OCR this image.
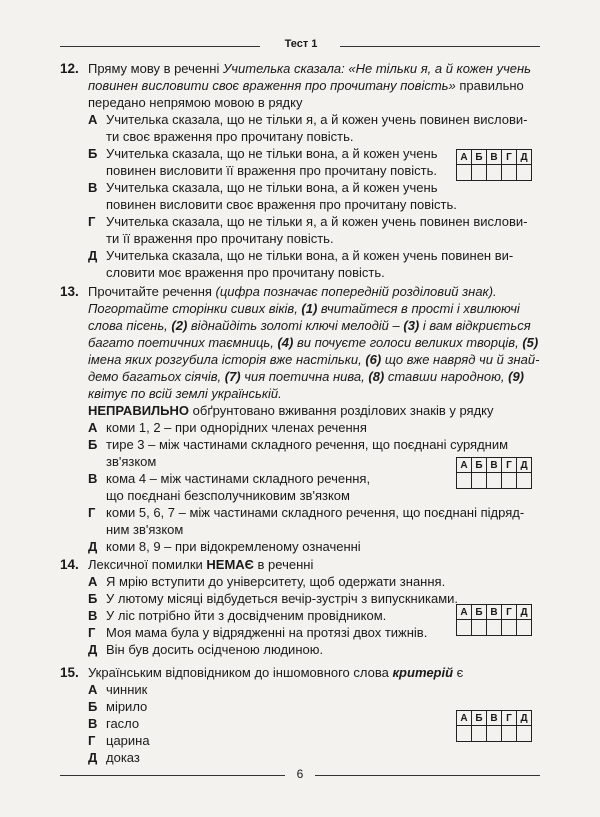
Тест 1
12. Пряму мову в реченні Учителька сказала: «Не тільки я, а й кожен учень
повинен висловити своє враження про прочитану повість» правильно
передано непрямою мовою в рядку
А Учителька сказала, що не тільки я, а й кожен учень повинен вислови-
ти своє враження про прочитану повість.
Б Учителька сказала, що не тільки вона, а й кожен учень
повинен висловити її враження про прочитану повість.
В Учителька сказала, що не тільки вона, а й кожен учень
повинен висловити своє враження про прочитану повість.
Г Учителька сказала, що не тільки я, а й кожен учень повинен вислови-
ти її враження про прочитану повість.
Д Учителька сказала, що не тільки вона, а й кожен учень повинен ви-
словити моє враження про прочитану повість.
А	Б	В	Г	Д

13. Прочитайте речення (цифра позначає попередній розділовий знак).
Погортайте сторінки сивих віків, (1) вчитайтеся в прості і хвилюючі
слова пісень, (2) віднайдіть золоті ключі мелодій – (3) і вам відкриється
багато поетичних таємниць, (4) ви почуєте голоси великих творців, (5)
імена яких розгубила історія вже настільки, (6) що вже навряд чи й знай-
демо багатьох сіячів, (7) чия поетична нива, (8) ставши народною, (9)
квітує по всій землі українській.
НЕПРАВИЛЬНО обґрунтовано вживання розділових знаків у рядку
А коми 1, 2 – при однорідних членах речення
Б тире 3 – між частинами складного речення, що поєднані сурядним
зв'язком
В кома 4 – між частинами складного речення,
що поєднані безсполучниковим зв'язком
Г коми 5, 6, 7 – між частинами складного речення, що поєднані підряд-
ним зв'язком
Д коми 8, 9 – при відокремленому означенні
А	Б	В	Г	Д

14. Лексичної помилки НЕМАЄ в реченні
А Я мрію вступити до університету, щоб одержати знання.
Б У лютому місяці відбудеться вечір-зустріч з випускниками.
В У ліс потрібно йти з досвідченим провідником.
Г Моя мама була у відрядженні на протязі двох тижнів.
Д Він був досить осідченою людиною.
А	Б	В	Г	Д

15. Українським відповідником до іншомовного слова критерій є
А чинник
Б мірило
В гасло
Г царина
Д доказ
А	Б	В	Г	Д

6
